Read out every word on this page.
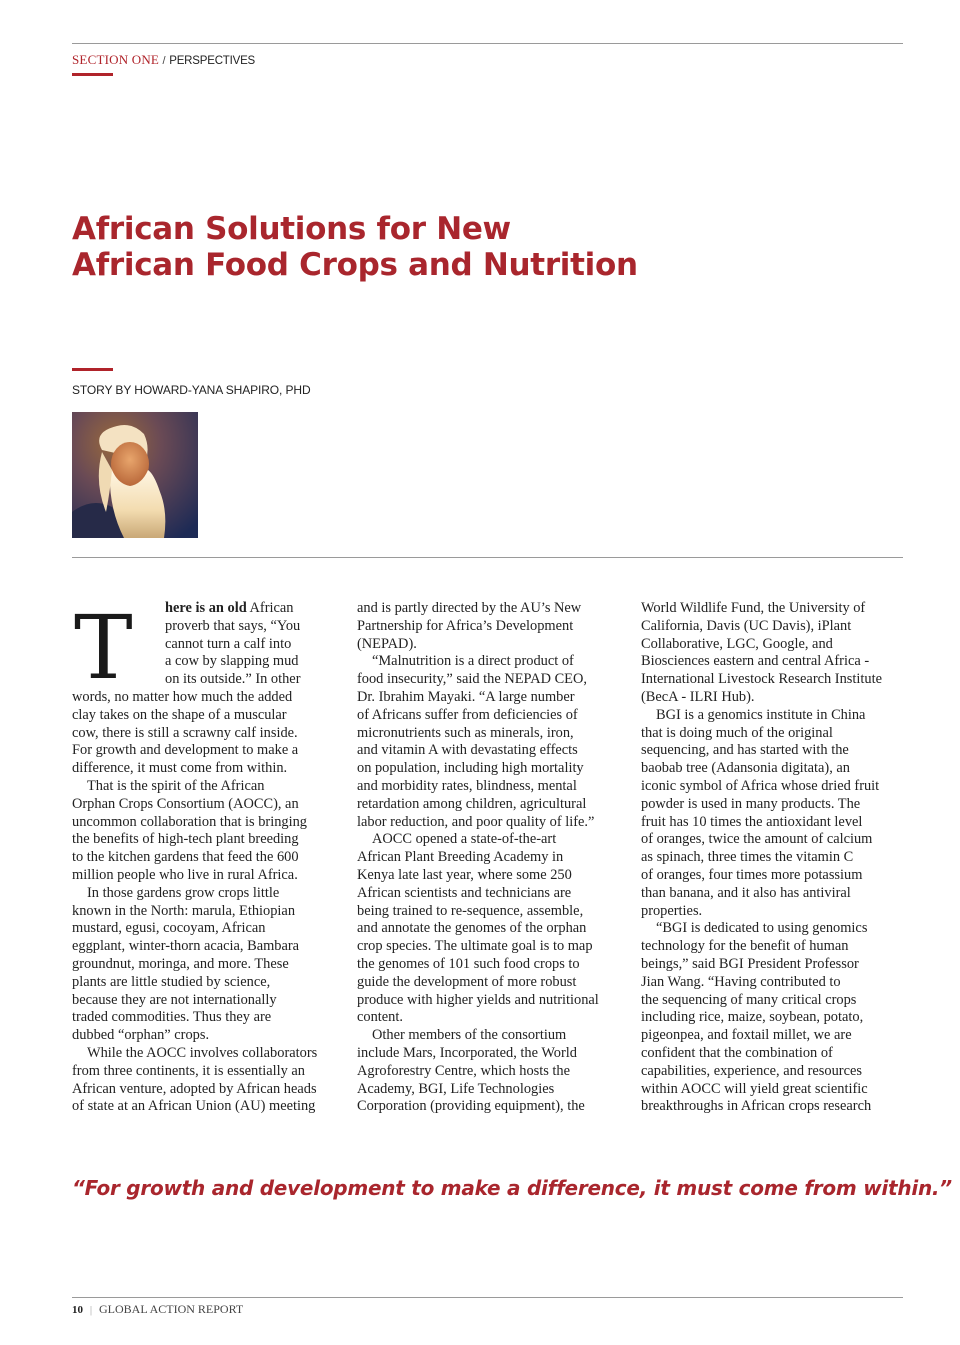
SECTION ONE / PERSPECTIVES
African Solutions for New
African Food Crops and Nutrition
STORY BY HOWARD-YANA SHAPIRO, PHD
T	here is an old African
proverb that says, “You
cannot turn a calf into
a cow by slapping mud
on its outside.” In other
words, no matter how much the added
clay takes on the shape of a muscular
cow, there is still a scrawny calf inside.
For growth and development to make a
difference, it must come from within.
That is the spirit of the African
Orphan Crops Consortium (AOCC), an
uncommon collaboration that is bringing
the benefits of high-tech plant breeding
to the kitchen gardens that feed the 600
million people who live in rural Africa.
In those gardens grow crops little
known in the North: marula, Ethiopian
mustard, egusi, cocoyam, African
eggplant, winter-thorn acacia, Bambara
groundnut, moringa, and more. These
plants are little studied by science,
because they are not internationally
traded commodities. Thus they are
dubbed “orphan” crops.
While the AOCC involves collaborators
from three continents, it is essentially an
African venture, adopted by African heads
of state at an African Union (AU) meeting
and is partly directed by the AU’s New
Partnership for Africa’s Development
(NEPAD).
“Malnutrition is a direct product of
food insecurity,” said the NEPAD CEO,
Dr. Ibrahim Mayaki. “A large number
of Africans suffer from deficiencies of
micronutrients such as minerals, iron,
and vitamin A with devastating effects
on population, including high mortality
and morbidity rates, blindness, mental
retardation among children, agricultural
labor reduction, and poor quality of life.”
AOCC opened a state-of-the-art
African Plant Breeding Academy in
Kenya late last year, where some 250
African scientists and technicians are
being trained to re-sequence, assemble,
and annotate the genomes of the orphan
crop species. The ultimate goal is to map
the genomes of 101 such food crops to
guide the development of more robust
produce with higher yields and nutritional
content.
Other members of the consortium
include Mars, Incorporated, the World
Agroforestry Centre, which hosts the
Academy, BGI, Life Technologies
Corporation (providing equipment), the
World Wildlife Fund, the University of
California, Davis (UC Davis), iPlant
Collaborative, LGC, Google, and
Biosciences eastern and central Africa -
International Livestock Research Institute
(BecA - ILRI Hub).
BGI is a genomics institute in China
that is doing much of the original
sequencing, and has started with the
baobab tree (Adansonia digitata), an
iconic symbol of Africa whose dried fruit
powder is used in many products. The
fruit has 10 times the antioxidant level
of oranges, twice the amount of calcium
as spinach, three times the vitamin C
of oranges, four times more potassium
than banana, and it also has antiviral
properties.
“BGI is dedicated to using genomics
technology for the benefit of human
beings,” said BGI President Professor
Jian Wang. “Having contributed to
the sequencing of many critical crops
including rice, maize, soybean, potato,
pigeonpea, and foxtail millet, we are
confident that the combination of
capabilities, experience, and resources
within AOCC will yield great scientific
breakthroughs in African crops research
“For growth and development to make a difference, it must come from within.”
10 | GLOBAL ACTION REPORT
